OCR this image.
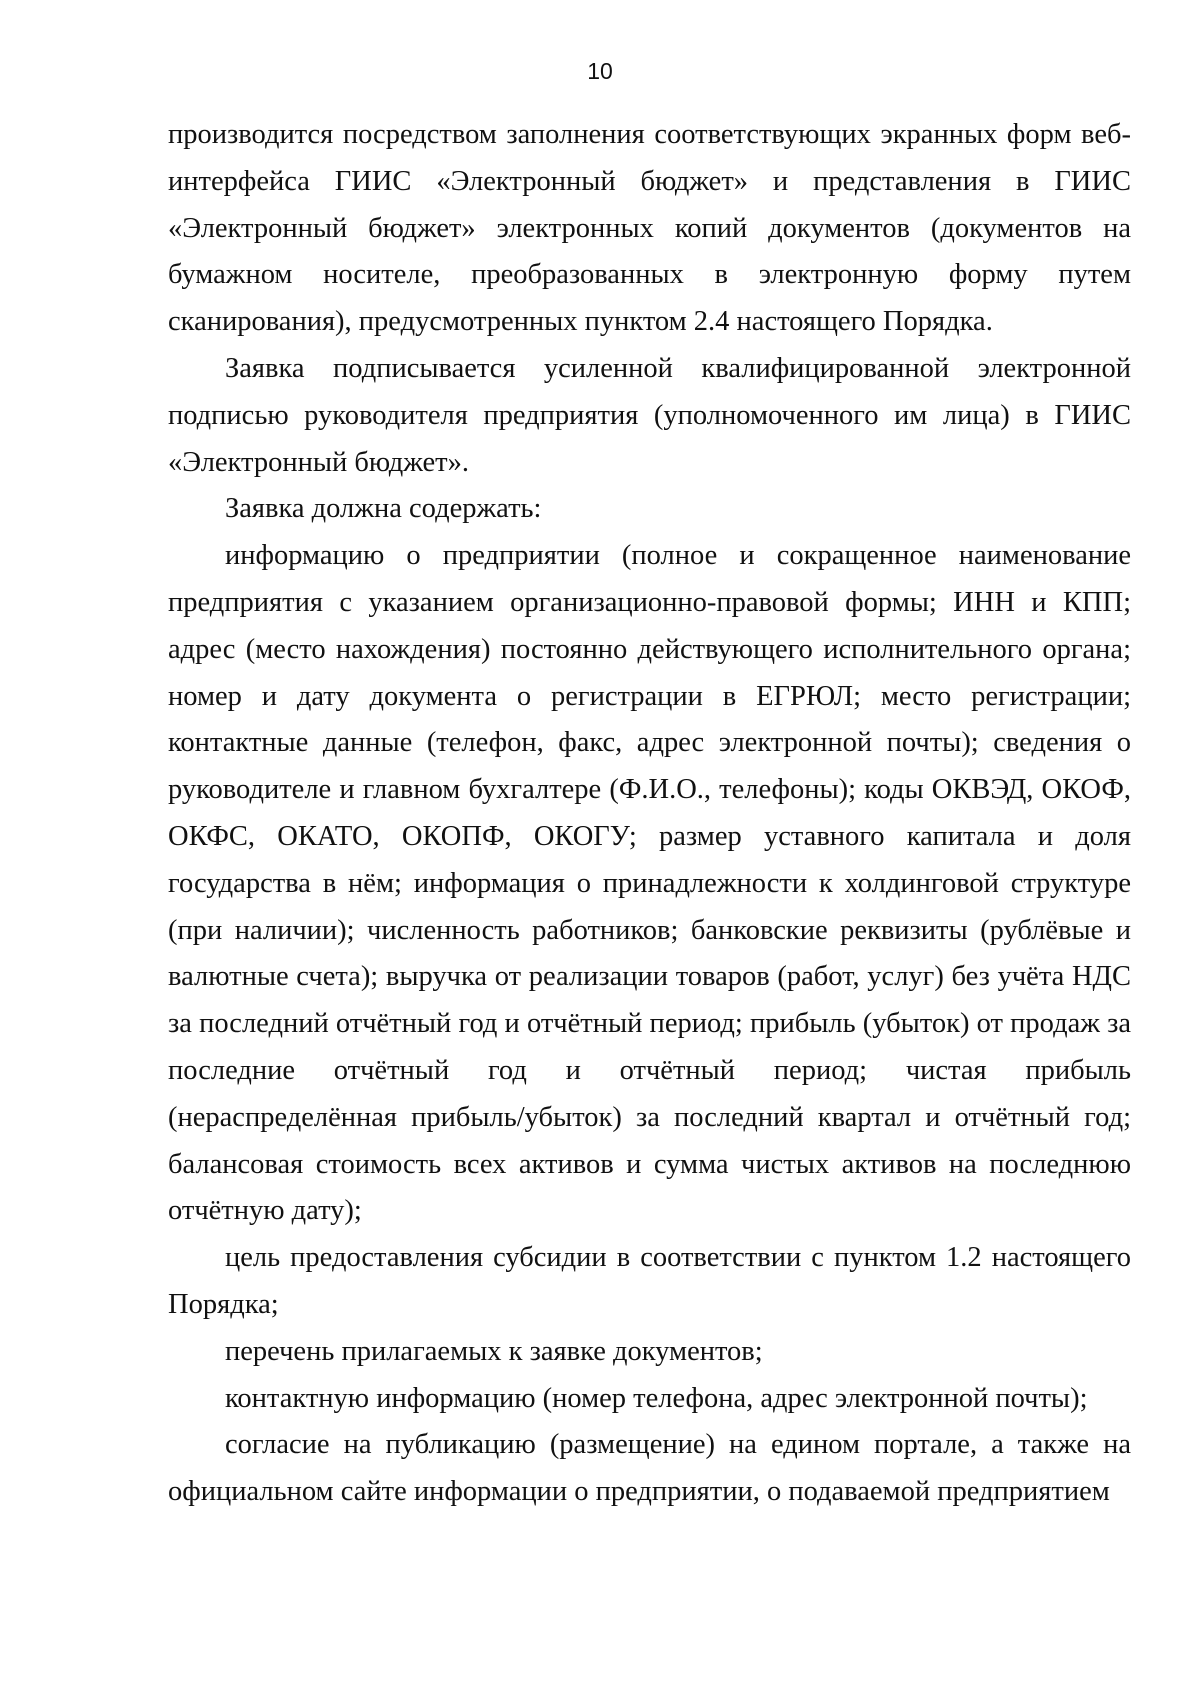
10

производится посредством заполнения соответствующих экранных форм веб-интерфейса ГИИС «Электронный бюджет» и представления в ГИИС «Электронный бюджет» электронных копий документов (документов на бумажном носителе, преобразованных в электронную форму путем сканирования), предусмотренных пунктом 2.4 настоящего Порядка.

Заявка подписывается усиленной квалифицированной электронной подписью руководителя предприятия (уполномоченного им лица) в ГИИС «Электронный бюджет».

Заявка должна содержать:

информацию о предприятии (полное и сокращенное наименование предприятия с указанием организационно-правовой формы; ИНН и КПП; адрес (место нахождения) постоянно действующего исполнительного органа; номер и дату документа о регистрации в ЕГРЮЛ; место регистрации; контактные данные (телефон, факс, адрес электронной почты); сведения о руководителе и главном бухгалтере (Ф.И.О., телефоны); коды ОКВЭД, ОКОФ, ОКФС, ОКАТО, ОКОПФ, ОКОГУ; размер уставного капитала и доля государства в нём; информация о принадлежности к холдинговой структуре (при наличии); численность работников; банковские реквизиты (рублёвые и валютные счета); выручка от реализации товаров (работ, услуг) без учёта НДС за последний отчётный год и отчётный период; прибыль (убыток) от продаж за последние отчётный год и отчётный период; чистая прибыль (нераспределённая прибыль/убыток) за последний квартал и отчётный год; балансовая стоимость всех активов и сумма чистых активов на последнюю отчётную дату);

цель предоставления субсидии в соответствии с пунктом 1.2 настоящего Порядка;

перечень прилагаемых к заявке документов;

контактную информацию (номер телефона, адрес электронной почты);

согласие на публикацию (размещение) на едином портале, а также на официальном сайте информации о предприятии, о подаваемой предприятием
